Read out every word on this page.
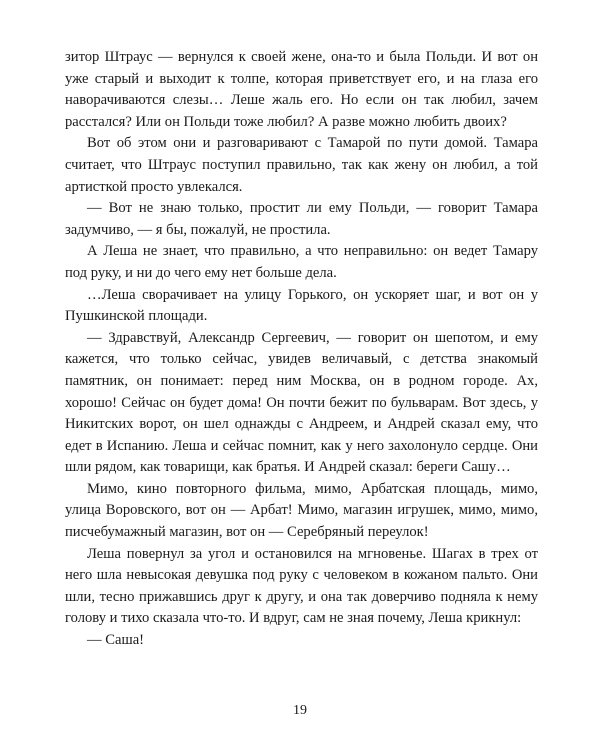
зитор Штраус — вернулся к своей жене, она-то и была Польди. И вот он уже старый и выходит к толпе, которая приветствует его, и на глаза его наворачиваются слезы… Леше жаль его. Но если он так любил, зачем расстался? Или он Польди тоже любил? А разве можно любить двоих?

Вот об этом они и разговаривают с Тамарой по пути домой. Тамара считает, что Штраус поступил правильно, так как жену он любил, а той артисткой просто увлекался.

— Вот не знаю только, простит ли ему Польди, — говорит Тамара задумчиво, — я бы, пожалуй, не простила.

А Леша не знает, что правильно, а что неправильно: он ведет Тамару под руку, и ни до чего ему нет больше дела.

…Леша сворачивает на улицу Горького, он ускоряет шаг, и вот он у Пушкинской площади.

— Здравствуй, Александр Сергеевич, — говорит он шепотом, и ему кажется, что только сейчас, увидев величавый, с детства знакомый памятник, он понимает: перед ним Москва, он в родном городе. Ах, хорошо! Сейчас он будет дома! Он почти бежит по бульварам. Вот здесь, у Никитских ворот, он шел однажды с Андреем, и Андрей сказал ему, что едет в Испанию. Леша и сейчас помнит, как у него захолонуло сердце. Они шли рядом, как товарищи, как братья. И Андрей сказал: береги Сашу…

Мимо, кино повторного фильма, мимо, Арбатская площадь, мимо, улица Воровского, вот он — Арбат! Мимо, магазин игрушек, мимо, мимо, писчебумажный магазин, вот он — Серебряный переулок!

Леша повернул за угол и остановился на мгновенье. Шагах в трех от него шла невысокая девушка под руку с человеком в кожаном пальто. Они шли, тесно прижавшись друг к другу, и она так доверчиво подняла к нему голову и тихо сказала что-то. И вдруг, сам не зная почему, Леша крикнул:

— Саша!

19
